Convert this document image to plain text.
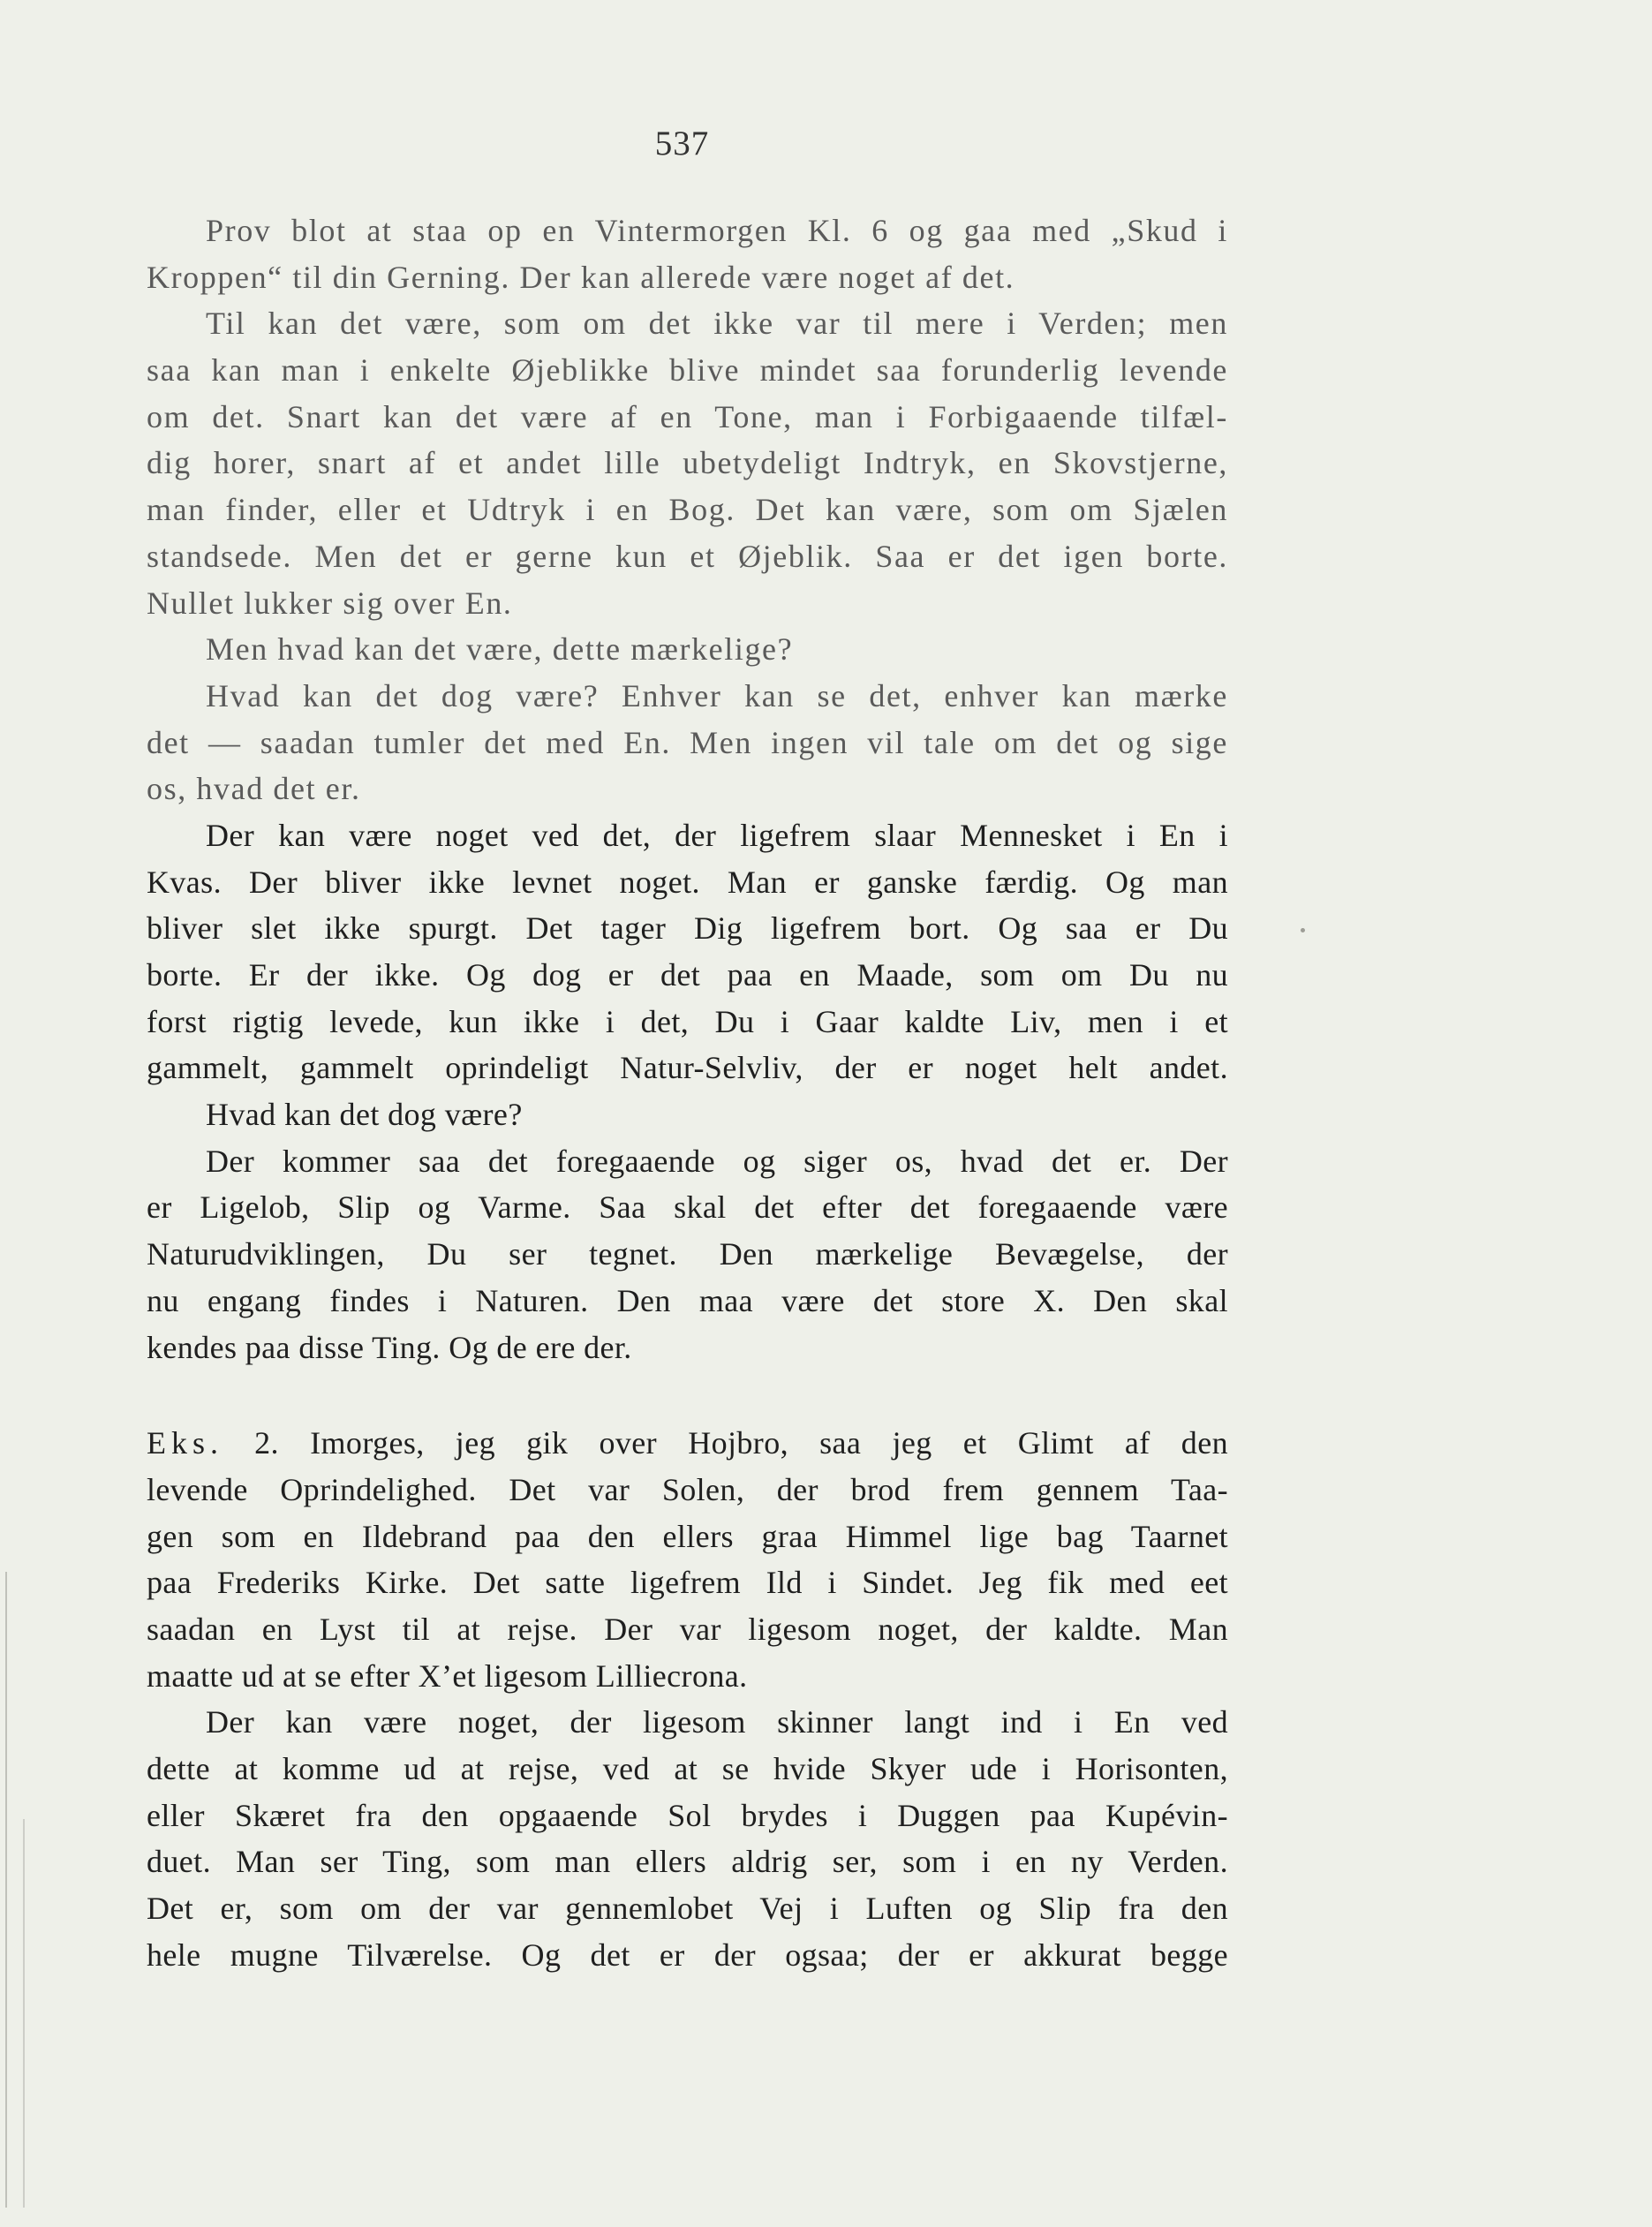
537
Prov blot at staa op en Vintermorgen Kl. 6 og gaa med „Skud i
Kroppen“ til din Gerning. Der kan allerede være noget af det.
Til kan det være, som om det ikke var til mere i Verden; men
saa kan man i enkelte Øjeblikke blive mindet saa forunderlig levende
om det. Snart kan det være af en Tone, man i Forbigaaende tilfæl-
dig horer, snart af et andet lille ubetydeligt Indtryk, en Skovstjerne,
man finder, eller et Udtryk i en Bog. Det kan være, som om Sjælen
standsede. Men det er gerne kun et Øjeblik. Saa er det igen borte.
Nullet lukker sig over En.
Men hvad kan det være, dette mærkelige?
Hvad kan det dog være? Enhver kan se det, enhver kan mærke
det — saadan tumler det med En. Men ingen vil tale om det og sige
os, hvad det er.
Der kan være noget ved det, der ligefrem slaar Mennesket i En i
Kvas. Der bliver ikke levnet noget. Man er ganske færdig. Og man
bliver slet ikke spurgt. Det tager Dig ligefrem bort. Og saa er Du
borte. Er der ikke. Og dog er det paa en Maade, som om Du nu
forst rigtig levede, kun ikke i det, Du i Gaar kaldte Liv, men i et
gammelt, gammelt oprindeligt Natur-Selvliv, der er noget helt andet.
Hvad kan det dog være?
Der kommer saa det foregaaende og siger os, hvad det er. Der
er Ligelob, Slip og Varme. Saa skal det efter det foregaaende være
Naturudviklingen, Du ser tegnet. Den mærkelige Bevægelse, der
nu engang findes i Naturen. Den maa være det store X. Den skal
kendes paa disse Ting. Og de ere der.
Eks. 2. Imorges, jeg gik over Hojbro, saa jeg et Glimt af den
levende Oprindelighed. Det var Solen, der brod frem gennem Taa-
gen som en Ildebrand paa den ellers graa Himmel lige bag Taarnet
paa Frederiks Kirke. Det satte ligefrem Ild i Sindet. Jeg fik med eet
saadan en Lyst til at rejse. Der var ligesom noget, der kaldte. Man
maatte ud at se efter X’et ligesom Lilliecrona.
Der kan være noget, der ligesom skinner langt ind i En ved
dette at komme ud at rejse, ved at se hvide Skyer ude i Horisonten,
eller Skæret fra den opgaaende Sol brydes i Duggen paa Kupévin-
duet. Man ser Ting, som man ellers aldrig ser, som i en ny Verden.
Det er, som om der var gennemlobet Vej i Luften og Slip fra den
hele mugne Tilværelse. Og det er der ogsaa; der er akkurat begge
